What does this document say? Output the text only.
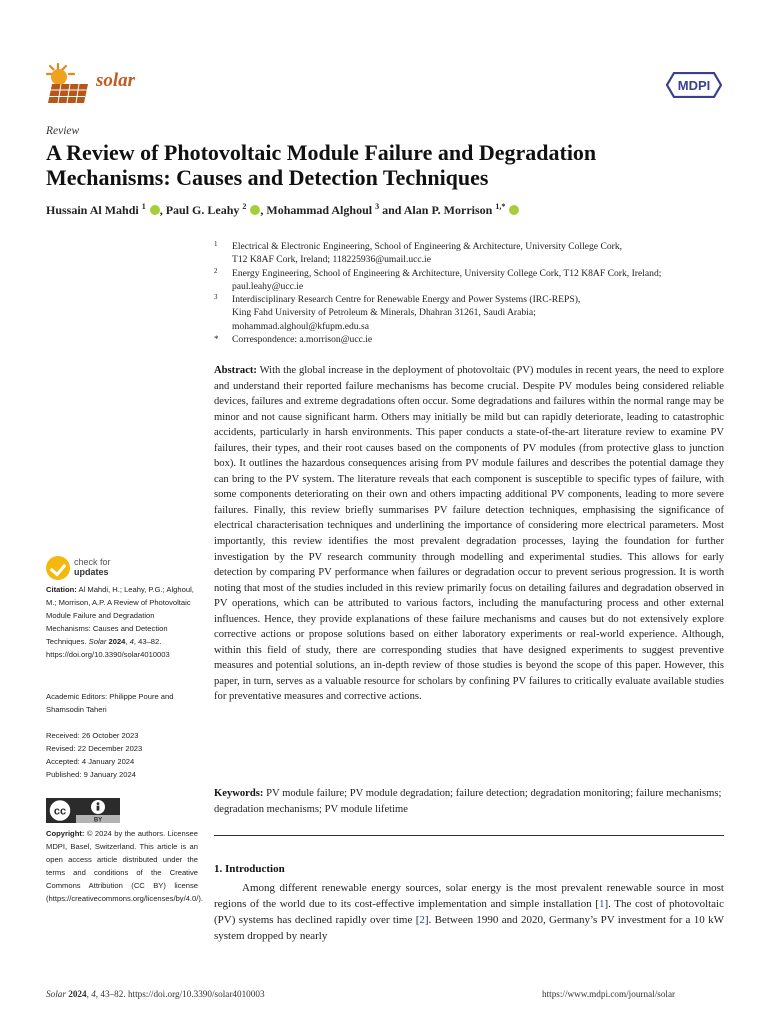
solar	MDPI
Review
A Review of Photovoltaic Module Failure and Degradation Mechanisms: Causes and Detection Techniques
Hussain Al Mahdi $^1$ , Paul G. Leahy $^2$ , Mohammad Alghoul $^3$ and Alan P. Morrison $^{1,*}$
1 Electrical & Electronic Engineering, School of Engineering & Architecture, University College Cork,
T12 K8AF Cork, Ireland; 118225936@umail.ucc.ie
2 Energy Engineering, School of Engineering & Architecture, University College Cork, T12 K8AF Cork, Ireland;
paul.leahy@ucc.ie
3 Interdisciplinary Research Centre for Renewable Energy and Power Systems (IRC-REPS),
King Fahd University of Petroleum & Minerals, Dhahran 31261, Saudi Arabia;
mohammad.alghoul@kfupm.edu.sa
* Correspondence: a.morrison@ucc.ie
Abstract: With the global increase in the deployment of photovoltaic (PV) modules in recent years, the need to explore and understand their reported failure mechanisms has become crucial. Despite PV modules being considered reliable devices, failures and extreme degradations often occur. Some degradations and failures within the normal range may be minor and not cause significant harm. Others may initially be mild but can rapidly deteriorate, leading to catastrophic accidents, particularly in harsh environments. This paper conducts a state-of-the-art literature review to examine PV failures, their types, and their root causes based on the components of PV modules (from protective glass to junction box). It outlines the hazardous consequences arising from PV module failures and describes the potential damage they can bring to the PV system. The literature reveals that each component is susceptible to specific types of failure, with some components deteriorating on their own and others impacting additional PV components, leading to more severe failures. Finally, this review briefly summarises PV failure detection techniques, emphasising the significance of electrical characterisation techniques and underlining the importance of considering more electrical parameters. Most importantly, this review identifies the most prevalent degradation processes, laying the foundation for further investigation by the PV research community through modelling and experimental studies. This allows for early detection by comparing PV performance when failures or degradation occur to prevent serious progression. It is worth noting that most of the studies included in this review primarily focus on detailing failures and degradation observed in PV operations, which can be attributed to various factors, including the manufacturing process and other external influences. Hence, they provide explanations of these failure mechanisms and causes but do not extensively explore corrective actions or propose solutions based on either laboratory experiments or real-world experience. Although, within this field of study, there are corresponding studies that have designed experiments to suggest preventive measures and potential solutions, an in-depth review of those studies is beyond the scope of this paper. However, this paper, in turn, serves as a valuable resource for scholars by confining PV failures to critically evaluate available studies for preventative measures and corrective actions.
Keywords: PV module failure; PV module degradation; failure detection; degradation monitoring; failure mechanisms; degradation mechanisms; PV module lifetime
1. Introduction
Among different renewable energy sources, solar energy is the most prevalent renewable source in most regions of the world due to its cost-effective implementation and simple installation [1]. The cost of photovoltaic (PV) systems has declined rapidly over time [2]. Between 1990 and 2020, Germany’s PV investment for a 10 kW system dropped by nearly
check for
updates
Citation: Al Mahdi, H.; Leahy, P.G.; Alghoul, M.; Morrison, A.P. A Review of Photovoltaic Module Failure and Degradation Mechanisms: Causes and Detection Techniques. Solar 2024, 4, 43–82. https://doi.org/10.3390/solar4010003
Academic Editors: Philippe Poure and Shamsodin Taheri
Received: 26 October 2023
Revised: 22 December 2023
Accepted: 4 January 2024
Published: 9 January 2024
cc
BY
Copyright: © 2024 by the authors. Licensee MDPI, Basel, Switzerland. This article is an open access article distributed under the terms and conditions of the Creative Commons Attribution (CC BY) license (https://creativecommons.org/licenses/by/4.0/).
Solar 2024, 4, 43–82. https://doi.org/10.3390/solar4010003	https://www.mdpi.com/journal/solar
